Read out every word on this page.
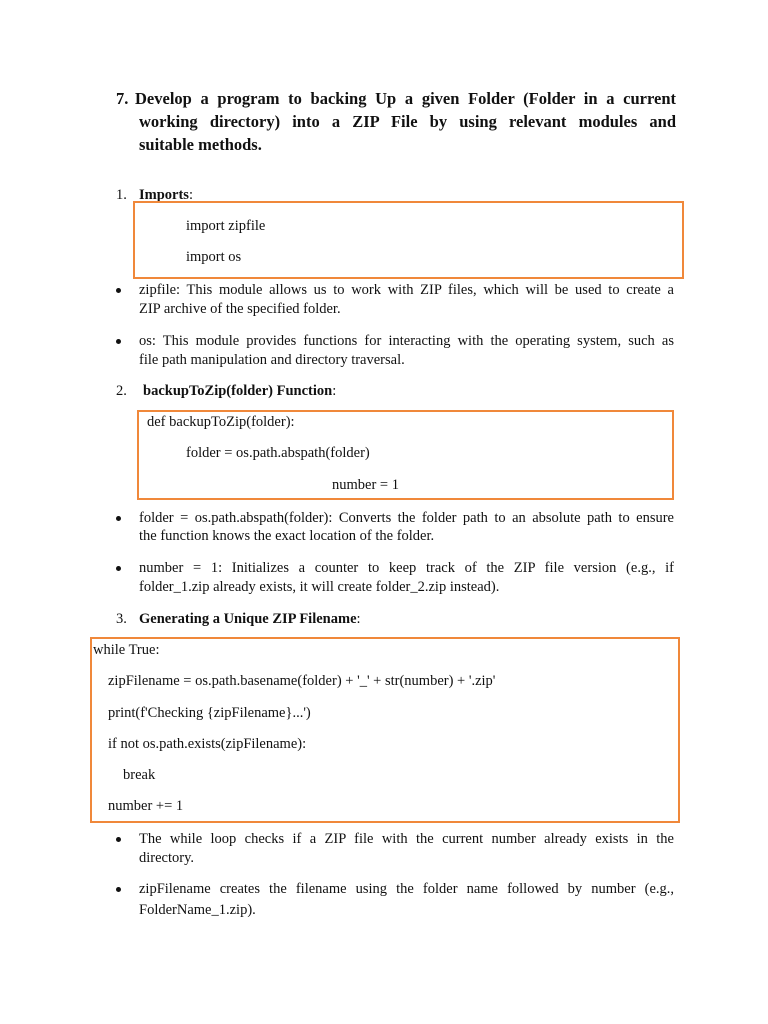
7. Develop a program to backing Up a given Folder (Folder in a current
working directory) into a ZIP File by using relevant modules and
suitable methods.
1. Imports:
import zipfile
import os
zipfile: This module allows us to work with ZIP files, which will be used to create a
ZIP archive of the specified folder.
os: This module provides functions for interacting with the operating system, such as
file path manipulation and directory traversal.
2. backupToZip(folder) Function:
def backupToZip(folder):
folder = os.path.abspath(folder)
number = 1
folder = os.path.abspath(folder): Converts the folder path to an absolute path to ensure
the function knows the exact location of the folder.
number = 1: Initializes a counter to keep track of the ZIP file version (e.g., if
folder_1.zip already exists, it will create folder_2.zip instead).
3. Generating a Unique ZIP Filename:
while True:
zipFilename = os.path.basename(folder) + '_' + str(number) + '.zip'
print(f'Checking {zipFilename}...')
if not os.path.exists(zipFilename):
break
number += 1
The while loop checks if a ZIP file with the current number already exists in the
directory.
zipFilename creates the filename using the folder name followed by number (e.g.,
FolderName_1.zip).
